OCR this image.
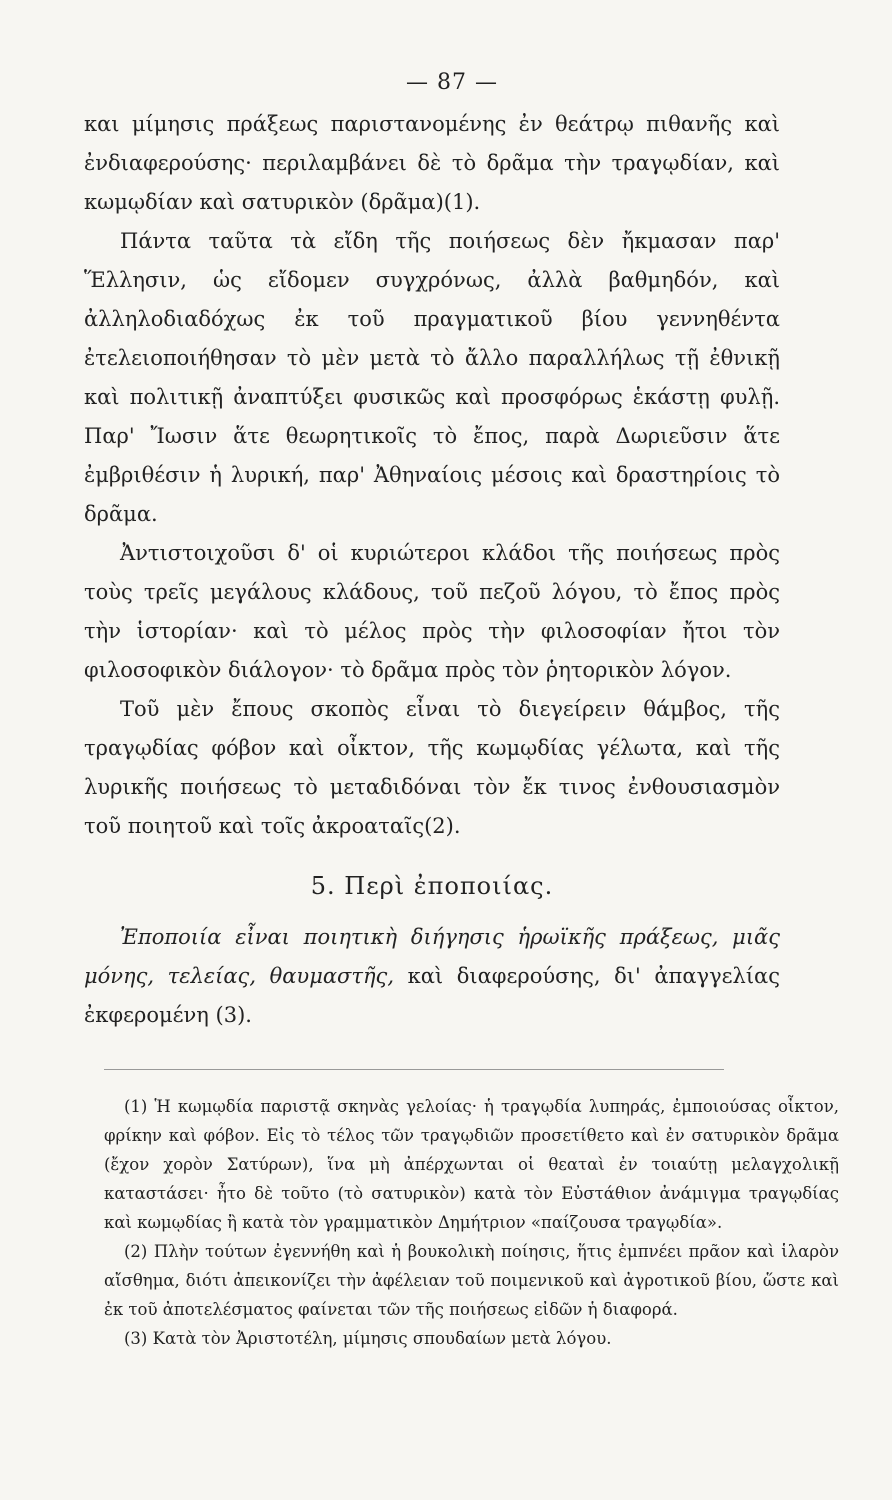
— 87 —

και μίμησις πράξεως παριστανομένης ἐν θεάτρῳ πιθανῆς καὶ ἐνδιαφερούσης· περιλαμβάνει δὲ τὸ δρᾶμα τὴν τραγῳδίαν, καὶ κωμῳδίαν καὶ σατυρικὸν (δρᾶμα)(1).

Πάντα ταῦτα τὰ εἴδη τῆς ποιήσεως δὲν ἤκμασαν παρ' Ἕλλησιν, ὡς εἴδομεν συγχρόνως, ἀλλὰ βαθμηδόν, καὶ ἀλληλοδιαδόχως ἐκ τοῦ πραγματικοῦ βίου γεννηθέντα ἐτελειοποιήθησαν τὸ μὲν μετὰ τὸ ἄλλο παραλλήλως τῇ ἐθνικῇ καὶ πολιτικῇ ἀναπτύξει φυσικῶς καὶ προσφόρως ἑκάστῃ φυλῇ. Παρ' Ἴωσιν ἅτε θεωρητικοῖς τὸ ἔπος, παρὰ Δωριεῦσιν ἅτε ἐμβριθέσιν ἡ λυρική, παρ' Ἀθηναίοις μέσοις καὶ δραστηρίοις τὸ δρᾶμα.

Ἀντιστοιχοῦσι δ' οἱ κυριώτεροι κλάδοι τῆς ποιήσεως πρὸς τοὺς τρεῖς μεγάλους κλάδους, τοῦ πεζοῦ λόγου, τὸ ἔπος πρὸς τὴν ἱστορίαν· καὶ τὸ μέλος πρὸς τὴν φιλοσοφίαν ἤτοι τὸν φιλοσοφικὸν διάλογον· τὸ δρᾶμα πρὸς τὸν ῥητορικὸν λόγον.

Τοῦ μὲν ἔπους σκοπὸς εἶναι τὸ διεγείρειν θάμβος, τῆς τραγῳδίας φόβον καὶ οἶκτον, τῆς κωμῳδίας γέλωτα, καὶ τῆς λυρικῆς ποιήσεως τὸ μεταδιδόναι τὸν ἔκ τινος ἐνθουσιασμὸν τοῦ ποιητοῦ καὶ τοῖς ἀκροαταῖς(2).

5. Περὶ ἐποποιίας.

Ἐποποιία εἶναι ποιητικὴ διήγησις ἡρωϊκῆς πράξεως, μιᾶς μόνης, τελείας, θαυμαστῆς, καὶ διαφερούσης, δι' ἀπαγγελίας ἐκφερομένη (3).

(1) Ἡ κωμῳδία παριστᾷ σκηνὰς γελοίας· ἡ τραγῳδία λυπηράς, ἐμποιούσας οἶκτον, φρίκην καὶ φόβον. Εἰς τὸ τέλος τῶν τραγῳδιῶν προσετίθετο καὶ ἐν σατυρικὸν δρᾶμα (ἔχον χορὸν Σατύρων), ἵνα μὴ ἀπέρχωνται οἱ θεαταὶ ἐν τοιαύτῃ μελαγχολικῇ καταστάσει· ἦτο δὲ τοῦτο (τὸ σατυρικὸν) κατὰ τὸν Εὐστάθιον ἀνάμιγμα τραγῳδίας καὶ κωμῳδίας ἢ κατὰ τὸν γραμματικὸν Δημήτριον «παίζουσα τραγῳδία».

(2) Πλὴν τούτων ἐγεννήθη καὶ ἡ βουκολικὴ ποίησις, ἥτις ἐμπνέει πρᾶον καὶ ἱλαρὸν αἴσθημα, διότι ἀπεικονίζει τὴν ἀφέλειαν τοῦ ποιμενικοῦ καὶ ἀγροτικοῦ βίου, ὥστε καὶ ἐκ τοῦ ἀποτελέσματος φαίνεται τῶν τῆς ποιήσεως εἰδῶν ἡ διαφορά.

(3) Κατὰ τὸν Ἀριστοτέλη, μίμησις σπουδαίων μετὰ λόγου.
